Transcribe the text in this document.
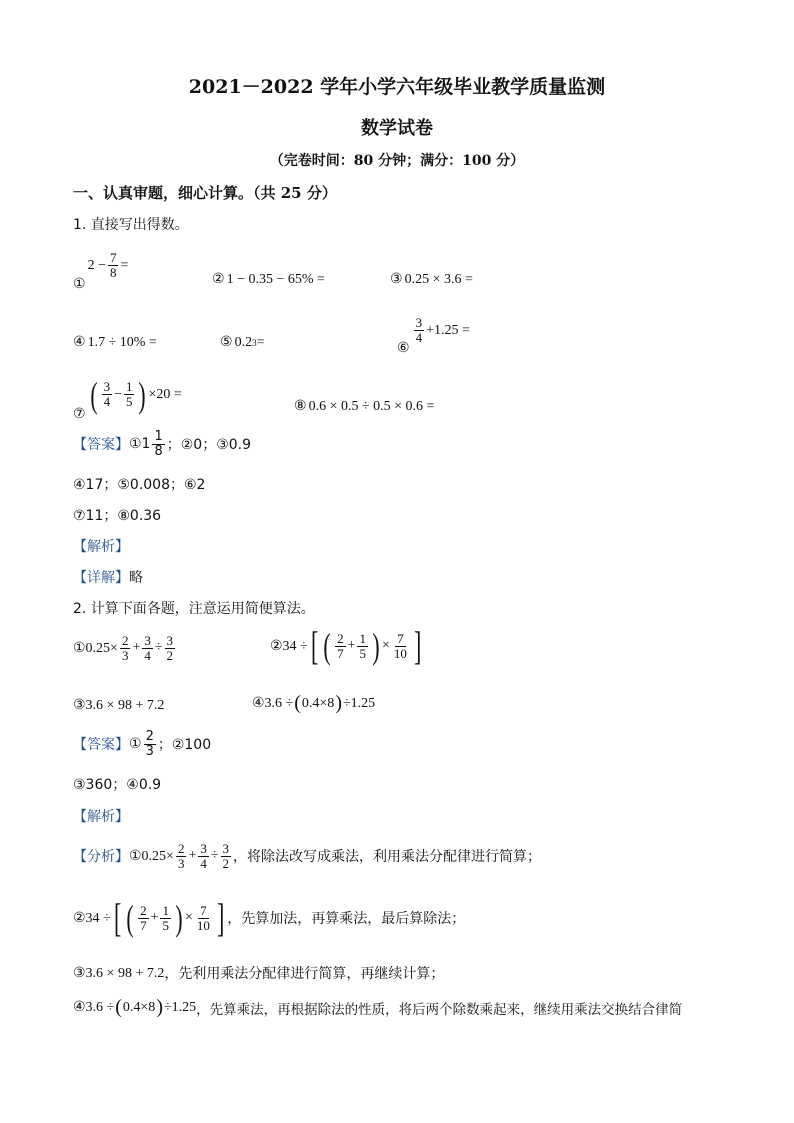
2021－2022 学年小学六年级毕业教学质量监测
数学试卷
（完卷时间：80 分钟；满分：100 分）
一、认真审题，细心计算。（共 25 分）
1. 直接写出得数。
①
$2 - \frac{7}{8}$ =
② 1 − 0.35 − 65% =	③ 0.25 × 3.6 =
④ 1.7 ÷ 10% =	⑤ 0.2 3 =	⑥
$\frac{3}{4} +1.25$ =
⑦ ( $\frac{3}{4} - \frac{1}{5}$ ) ×20 =
⑧ 0.6 × 0.5 ÷ 0.5 × 0.6 =
【答案】 ①1 $\frac{1}{8}$ ；②0；③0.9
④17；⑤0.008；⑥2
⑦11；⑧0.36
【解析】
【详解】略
2. 计算下面各题，注意运用简便算法。
①0.25× $\frac{2}{3} + \frac{3}{4} \div \frac{3}{2}$	②34 ÷ [ ( $\frac{2}{7} + \frac{1}{5}$ ) × $\frac{7}{10}$ ]
③3.6 × 98 + 7.2	④3.6 ÷ ( 0.4×8 ) ÷1.25
【答案】 ① $\frac{2}{3}$ ；②100
③360；④0.9
【解析】
【分析】 ①0.25× $\frac{2}{3} + \frac{3}{4} \div \frac{3}{2}$ ，将除法改写成乘法，利用乘法分配律进行简算；
②34 ÷ [ ( $\frac{2}{7} + \frac{1}{5}$ ) × $\frac{7}{10}$ ] ，先算加法，再算乘法，最后算除法；
③3.6 × 98 + 7.2 ，先利用乘法分配律进行简算，再继续计算；
④3.6 ÷ ( 0.4×8 ) ÷1.25 ，先算乘法，再根据除法的性质，将后两个除数乘起来，继续用乘法交换结合律简
